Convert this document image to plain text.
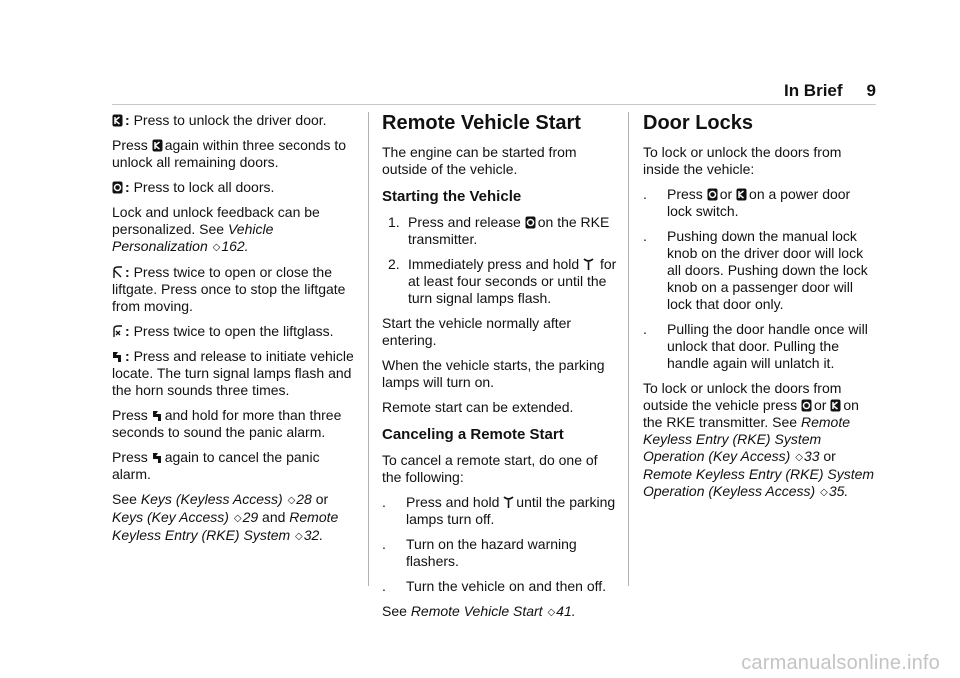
In Brief 9

: Press to unlock the driver door.

Press again within three seconds to unlock all remaining doors.

: Press to lock all doors.

Lock and unlock feedback can be personalized. See Vehicle Personalization ◇162.

: Press twice to open or close the liftgate. Press once to stop the liftgate from moving.

: Press twice to open the liftglass.

: Press and release to initiate vehicle locate. The turn signal lamps flash and the horn sounds three times.

Press and hold for more than three seconds to sound the panic alarm.

Press again to cancel the panic alarm.

See Keys (Keyless Access) ◇28 or Keys (Key Access) ◇29 and Remote Keyless Entry (RKE) System ◇32.

Remote Vehicle Start

The engine can be started from outside of the vehicle.

Starting the Vehicle
1. Press and release on the RKE transmitter.
2. Immediately press and hold for at least four seconds or until the turn signal lamps flash.

Start the vehicle normally after entering.

When the vehicle starts, the parking lamps will turn on.

Remote start can be extended.

Canceling a Remote Start

To cancel a remote start, do one of the following:

. Press and hold until the parking lamps turn off.
. Turn on the hazard warning flashers.
. Turn the vehicle on and then off.

See Remote Vehicle Start ◇41.

Door Locks

To lock or unlock the doors from inside the vehicle:

. Press or on a power door lock switch.
. Pushing down the manual lock knob on the driver door will lock all doors. Pushing down the lock knob on a passenger door will lock that door only.
. Pulling the door handle once will unlock that door. Pulling the handle again will unlatch it.

To lock or unlock the doors from outside the vehicle press or on the RKE transmitter. See Remote Keyless Entry (RKE) System Operation (Key Access) ◇33 or Remote Keyless Entry (RKE) System Operation (Keyless Access) ◇35.

carmanualsonline.info
